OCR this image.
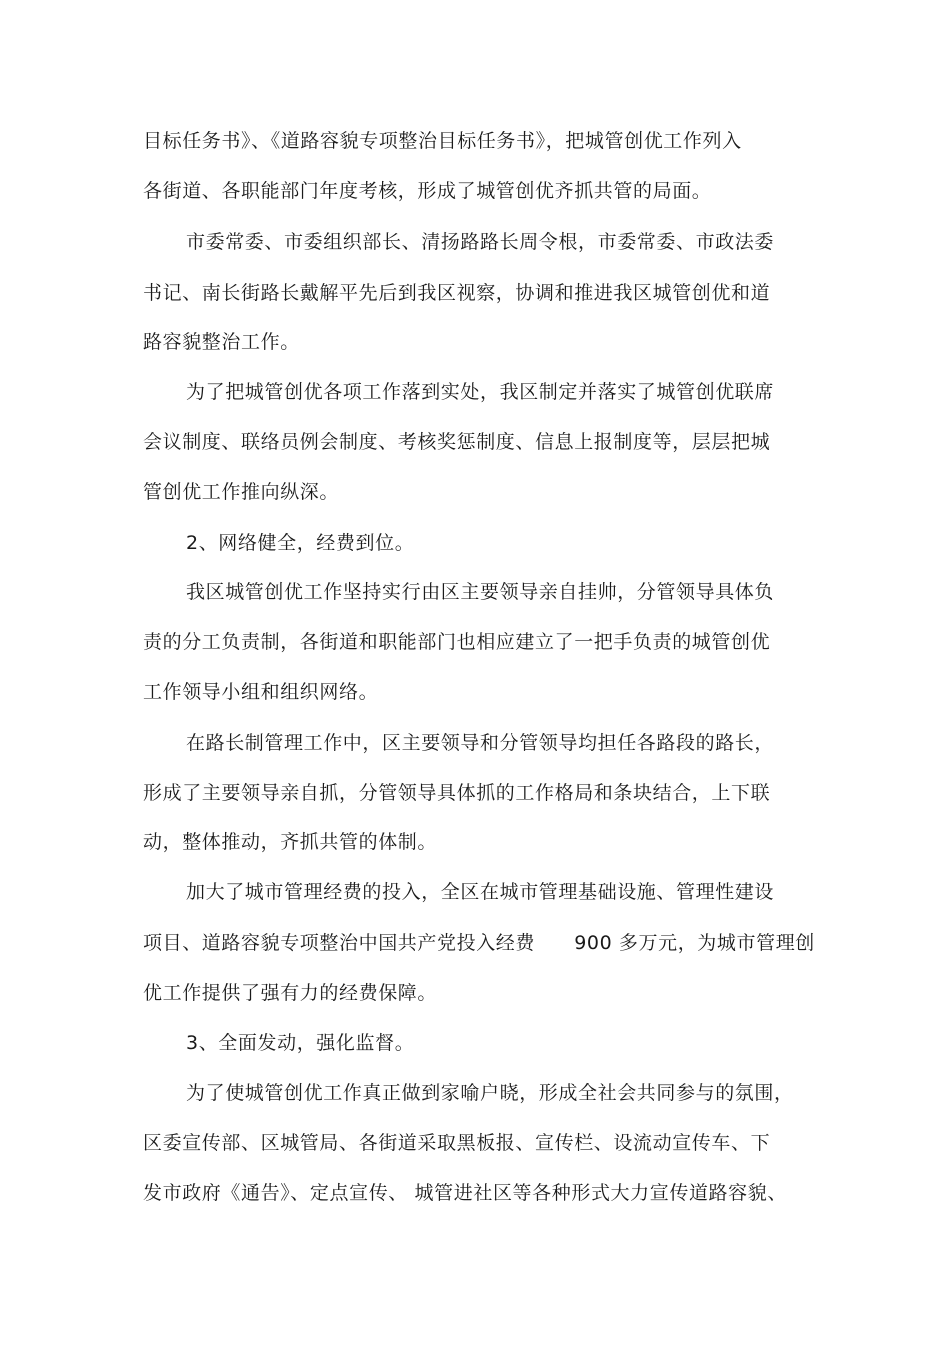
目标任务书》、《道路容貌专项整治目标任务书》，把城管创优工作列入
各街道、各职能部门年度考核，形成了城管创优齐抓共管的局面。
市委常委、市委组织部长、清扬路路长周令根，市委常委、市政法委
书记、南长街路长戴解平先后到我区视察，协调和推进我区城管创优和道
路容貌整治工作。
为了把城管创优各项工作落到实处，我区制定并落实了城管创优联席
会议制度、联络员例会制度、考核奖惩制度、信息上报制度等，层层把城
管创优工作推向纵深。
2、网络健全，经费到位。
我区城管创优工作坚持实行由区主要领导亲自挂帅，分管领导具体负
责的分工负责制，各街道和职能部门也相应建立了一把手负责的城管创优
工作领导小组和组织网络。
在路长制管理工作中，区主要领导和分管领导均担任各路段的路长，
形成了主要领导亲自抓，分管领导具体抓的工作格局和条块结合，上下联
动，整体推动，齐抓共管的体制。
加大了城市管理经费的投入，全区在城市管理基础设施、管理性建设
项目、道路容貌专项整治中国共产党投入经费　　900 多万元，为城市管理创
优工作提供了强有力的经费保障。
3、全面发动，强化监督。
为了使城管创优工作真正做到家喻户晓，形成全社会共同参与的氛围，
区委宣传部、区城管局、各街道采取黑板报、宣传栏、设流动宣传车、下
发市政府《通告》、定点宣传、 城管进社区等各种形式大力宣传道路容貌、
